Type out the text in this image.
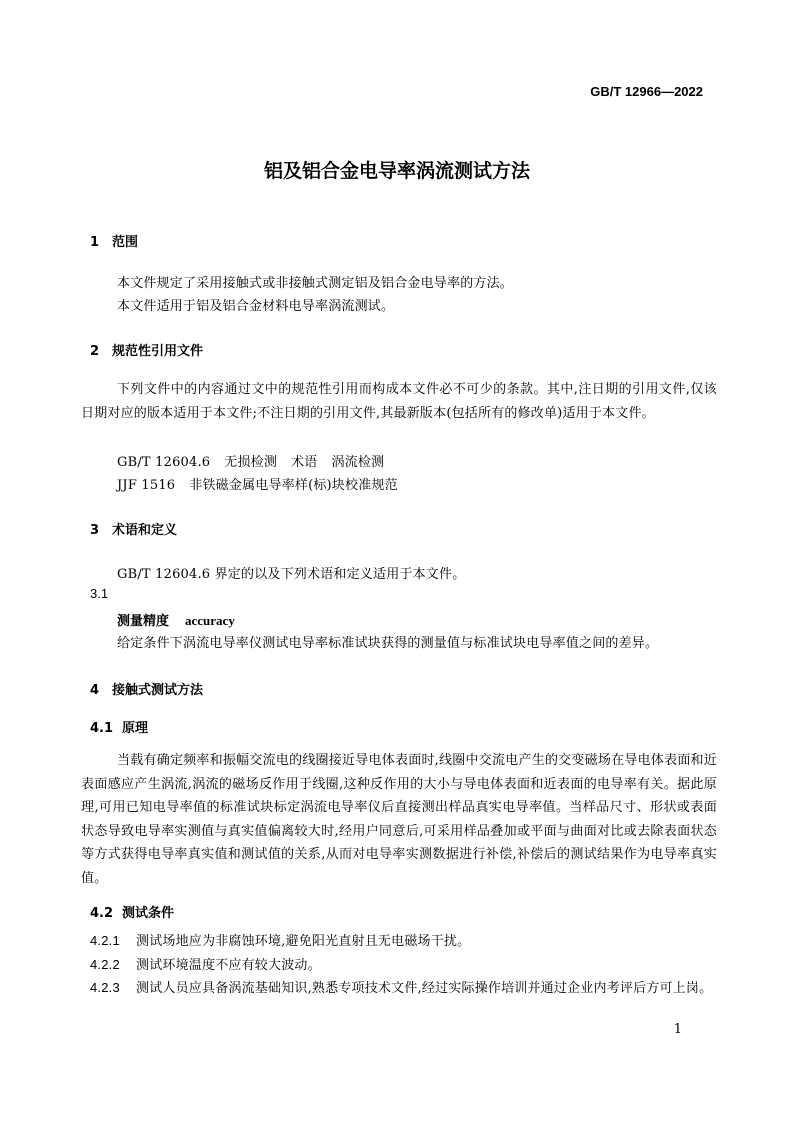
GB/T 12966—2022
铝及铝合金电导率涡流测试方法
1 范围
本文件规定了采用接触式或非接触式测定铝及铝合金电导率的方法。
本文件适用于铝及铝合金材料电导率涡流测试。
2 规范性引用文件
下列文件中的内容通过文中的规范性引用而构成本文件必不可少的条款。其中,注日期的引用文件,仅该日期对应的版本适用于本文件;不注日期的引用文件,其最新版本(包括所有的修改单)适用于本文件。
GB/T 12604.6 无损检测 术语 涡流检测
JJF 1516 非铁磁金属电导率样(标)块校准规范
3 术语和定义
GB/T 12604.6 界定的以及下列术语和定义适用于本文件。
3.1
测量精度 accuracy
给定条件下涡流电导率仪测试电导率标准试块获得的测量值与标准试块电导率值之间的差异。
4 接触式测试方法
4.1 原理
当载有确定频率和振幅交流电的线圈接近导电体表面时,线圈中交流电产生的交变磁场在导电体表面和近表面感应产生涡流,涡流的磁场反作用于线圈,这种反作用的大小与导电体表面和近表面的电导率有关。据此原理,可用已知电导率值的标准试块标定涡流电导率仪后直接测出样品真实电导率值。当样品尺寸、形状或表面状态导致电导率实测值与真实值偏离较大时,经用户同意后,可采用样品叠加或平面与曲面对比或去除表面状态等方式获得电导率真实值和测试值的关系,从而对电导率实测数据进行补偿,补偿后的测试结果作为电导率真实值。
4.2 测试条件
4.2.1 测试场地应为非腐蚀环境,避免阳光直射且无电磁场干扰。
4.2.2 测试环境温度不应有较大波动。
4.2.3 测试人员应具备涡流基础知识,熟悉专项技术文件,经过实际操作培训并通过企业内考评后方可上岗。
1
